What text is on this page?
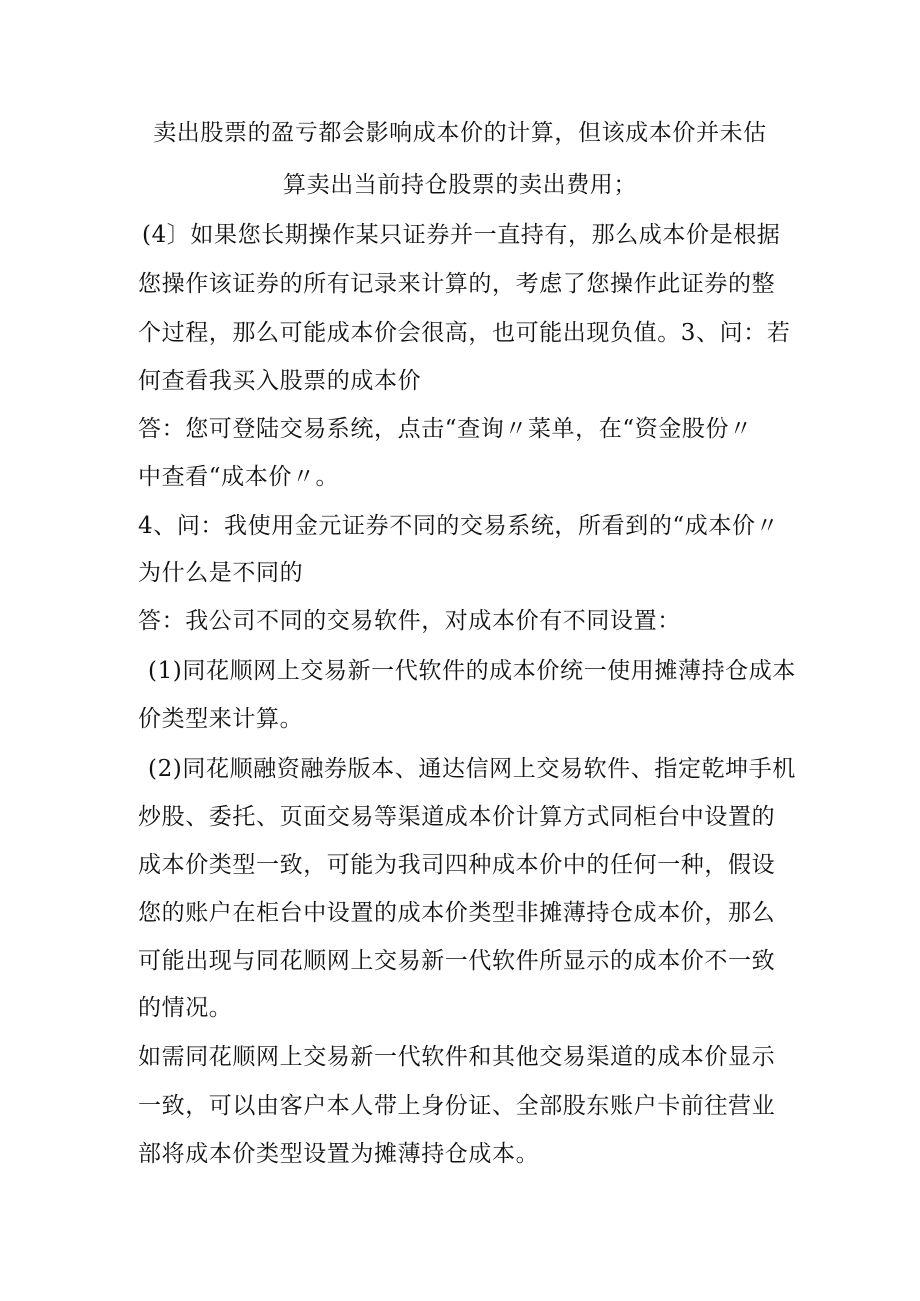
卖出股票的盈亏都会影响成本价的计算，但该成本价并未估
算卖出当前持仓股票的卖出费用；
(4〕如果您长期操作某只证券并一直持有，那么成本价是根据
您操作该证券的所有记录来计算的，考虑了您操作此证券的整
个过程，那么可能成本价会很高，也可能出现负值。3、问：若
何查看我买入股票的成本价
答：您可登陆交易系统，点击“查询〃菜单，在“资金股份〃
中查看“成本价〃。
4、问：我使用金元证券不同的交易系统，所看到的“成本价〃
为什么是不同的
答：我公司不同的交易软件，对成本价有不同设置：
(1)同花顺网上交易新一代软件的成本价统一使用摊薄持仓成本
价类型来计算。
(2)同花顺融资融券版本、通达信网上交易软件、指定乾坤手机
炒股、委托、页面交易等渠道成本价计算方式同柜台中设置的
成本价类型一致，可能为我司四种成本价中的任何一种，假设
您的账户在柜台中设置的成本价类型非摊薄持仓成本价，那么
可能出现与同花顺网上交易新一代软件所显示的成本价不一致
的情况。
如需同花顺网上交易新一代软件和其他交易渠道的成本价显示
一致，可以由客户本人带上身份证、全部股东账户卡前往营业
部将成本价类型设置为摊薄持仓成本。
